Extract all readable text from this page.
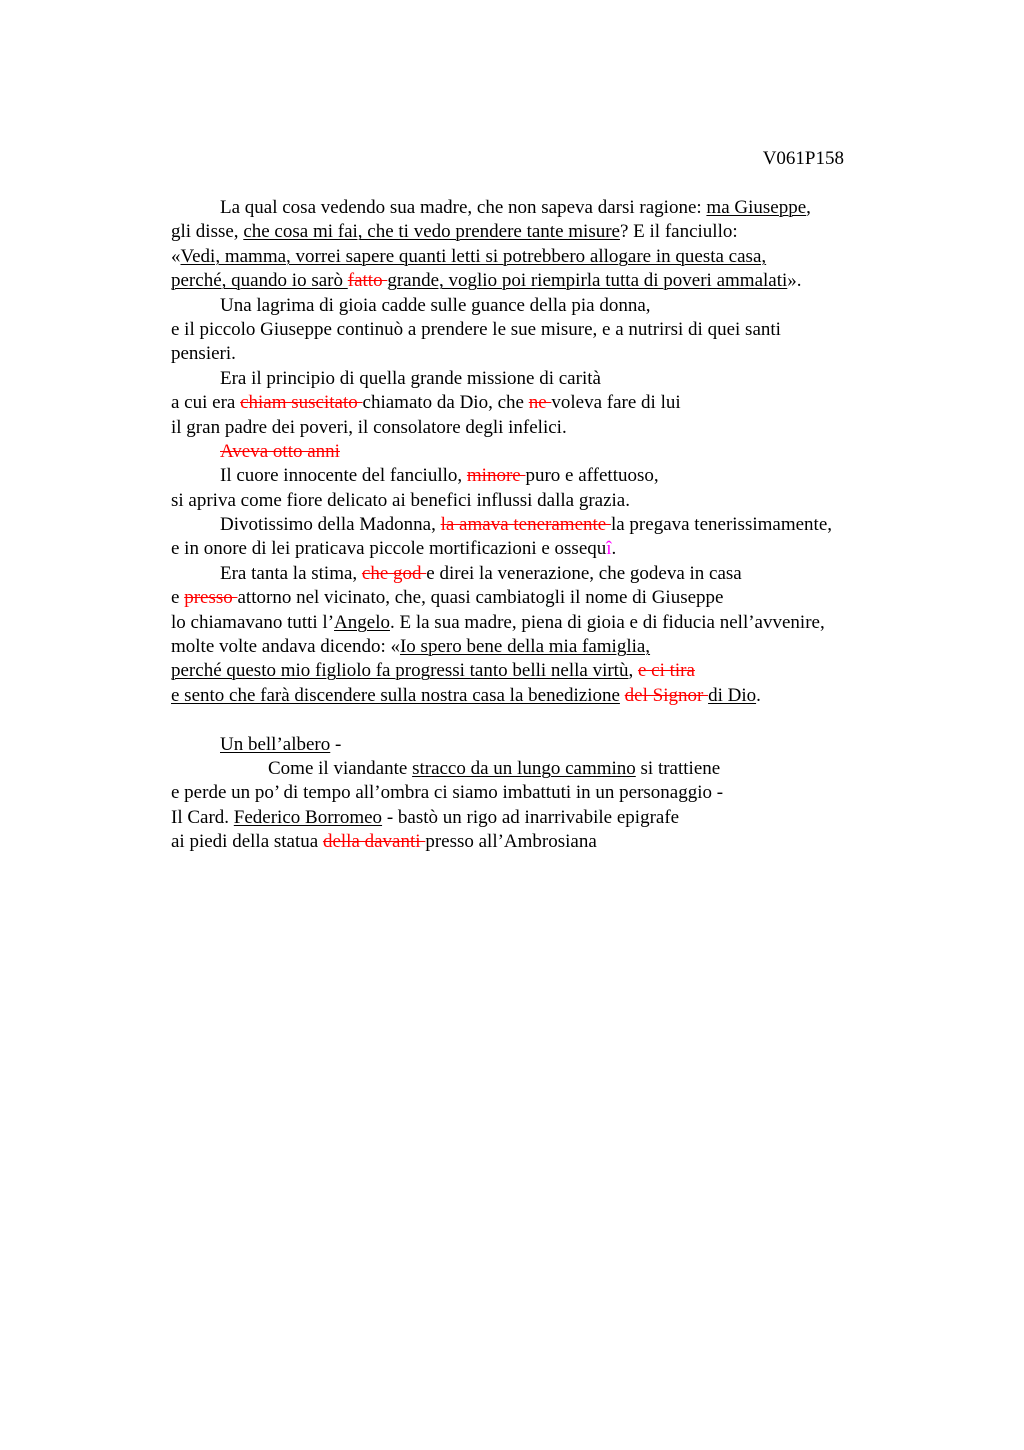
V061P158
La qual cosa vedendo sua madre, che non sapeva darsi ragione: ma Giuseppe,
gli disse, che cosa mi fai, che ti vedo prendere tante misure? E il fanciullo:
«Vedi, mamma, vorrei sapere quanti letti si potrebbero allogare in questa casa,
perché, quando io sarò fatto grande, voglio poi riempirla tutta di poveri ammalati».
Una lagrima di gioia cadde sulle guance della pia donna,
e il piccolo Giuseppe continuò a prendere le sue misure, e a nutrirsi di quei santi
pensieri.
Era il principio di quella grande missione di carità
a cui era chiam suscitato chiamato da Dio, che ne voleva fare di lui
il gran padre dei poveri, il consolatore degli infelici.
Aveva otto anni
Il cuore innocente del fanciullo, minore puro e affettuoso,
si apriva come fiore delicato ai benefici influssi dalla grazia.
Divotissimo della Madonna, la amava teneramente la pregava tenerissimamente,
e in onore di lei praticava piccole mortificazioni e ossequî.
Era tanta la stima, che god e direi la venerazione, che godeva in casa
e presso attorno nel vicinato, che, quasi cambiatogli il nome di Giuseppe
lo chiamavano tutti l’Angelo. E la sua madre, piena di gioia e di fiducia nell’avvenire,
molte volte andava dicendo: «Io spero bene della mia famiglia,
perché questo mio figliolo fa progressi tanto belli nella virtù, e ci tira
e sento che farà discendere sulla nostra casa la benedizione del Signor di Dio.
Un bell’albero -
Come il viandante stracco da un lungo cammino si trattiene
e perde un po’ di tempo all’ombra ci siamo imbattuti in un personaggio -
Il Card. Federico Borromeo - bastò un rigo ad inarrivabile epigrafe
ai piedi della statua della davanti presso all’Ambrosiana
